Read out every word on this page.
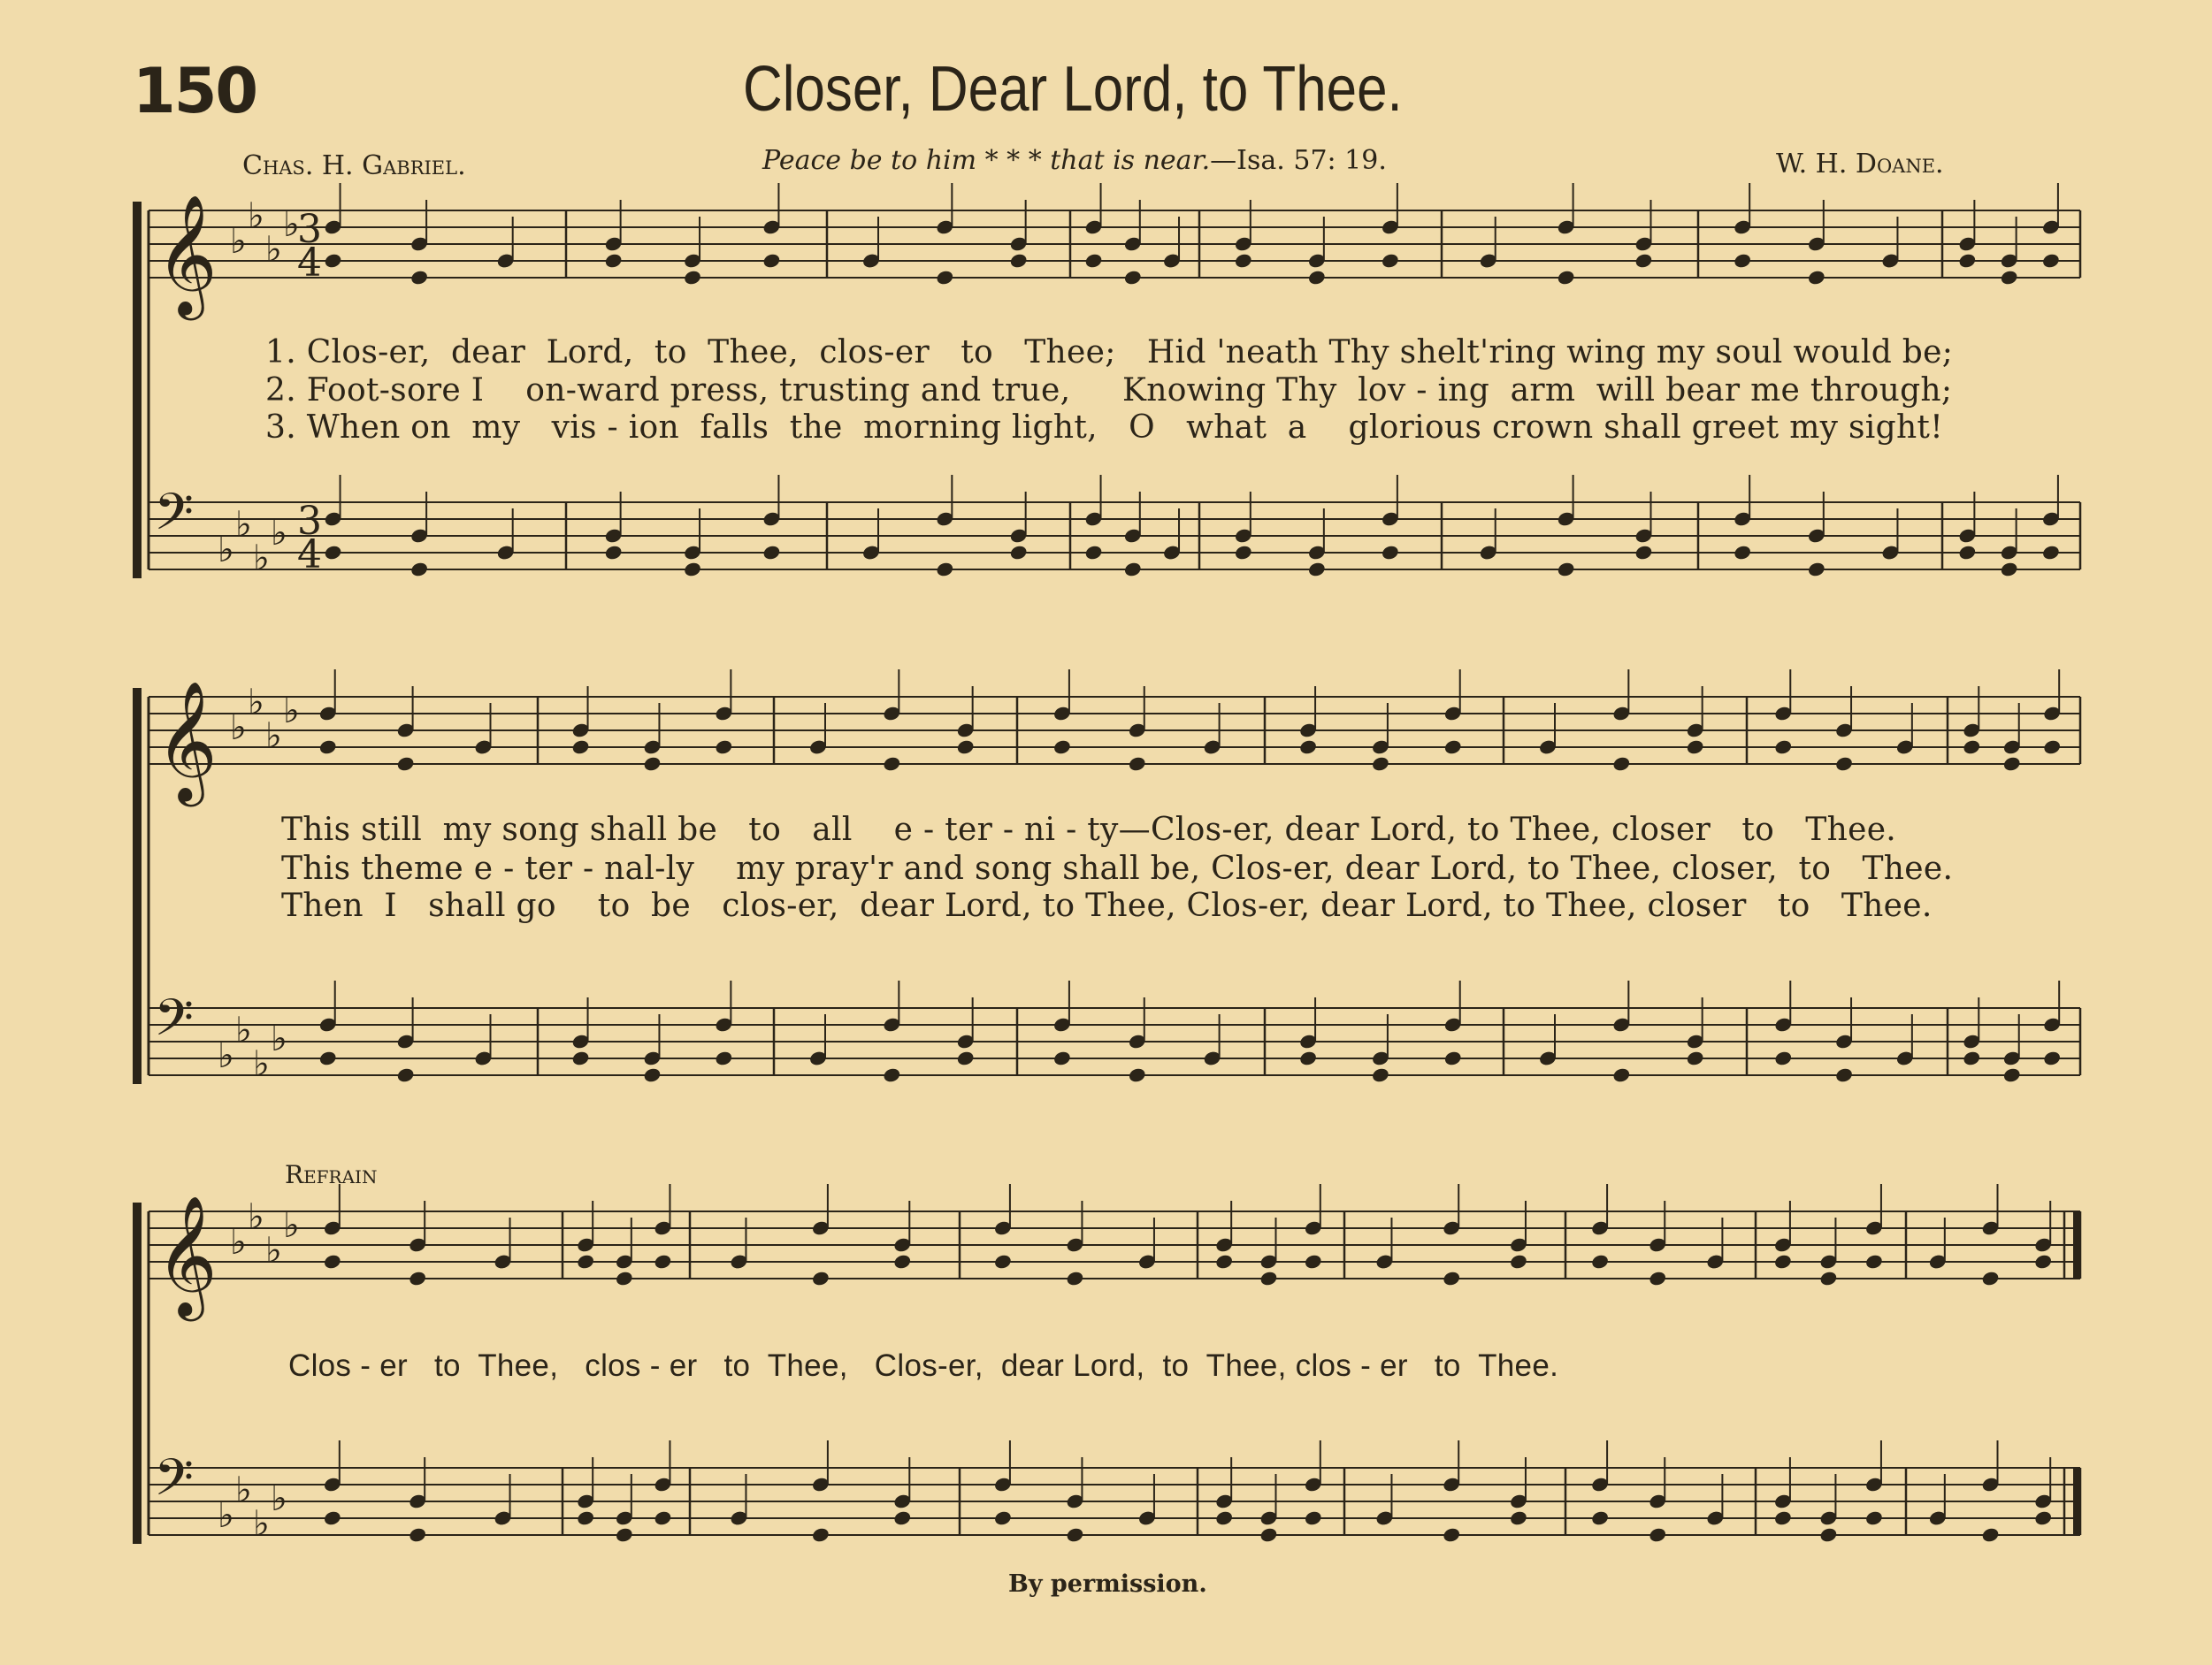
150	Closer, Dear Lord, to Thee.
Chas. H. Gabriel.	Peace be to him * * * that is near.—Isa. 57: 19.	W. H. Doane.
𝄞
𝄢
♭
♭
♭
♭
♭
♭
♭
♭
3
4
3
4
𝄞
𝄢
♭
♭
♭
♭
♭
♭
♭
♭
𝄞
𝄢
♭
♭
♭
♭
♭
♭
♭
♭
1. Clos-er,  dear  Lord,  to  Thee,  clos-er   to   Thee;   Hid 'neath Thy shelt'ring wing my soul would be;
2. Foot-sore I    on-ward press, trusting and true,     Knowing Thy  lov - ing  arm  will bear me through;
3. When on  my   vis - ion  falls  the  morning light,   O   what  a    glorious crown shall greet my sight!
This still  my song shall be   to   all    e - ter - ni - ty—Clos-er, dear Lord, to Thee, closer   to   Thee.
This theme e - ter - nal-ly    my pray'r and song shall be, Clos-er, dear Lord, to Thee, closer,  to   Thee.
Then  I   shall go    to  be   clos-er,  dear Lord, to Thee, Clos-er, dear Lord, to Thee, closer   to   Thee.
Refrain
Clos - er   to  Thee,   clos - er   to  Thee,   Clos-er,  dear Lord,  to  Thee, clos - er   to  Thee.
By permission.
